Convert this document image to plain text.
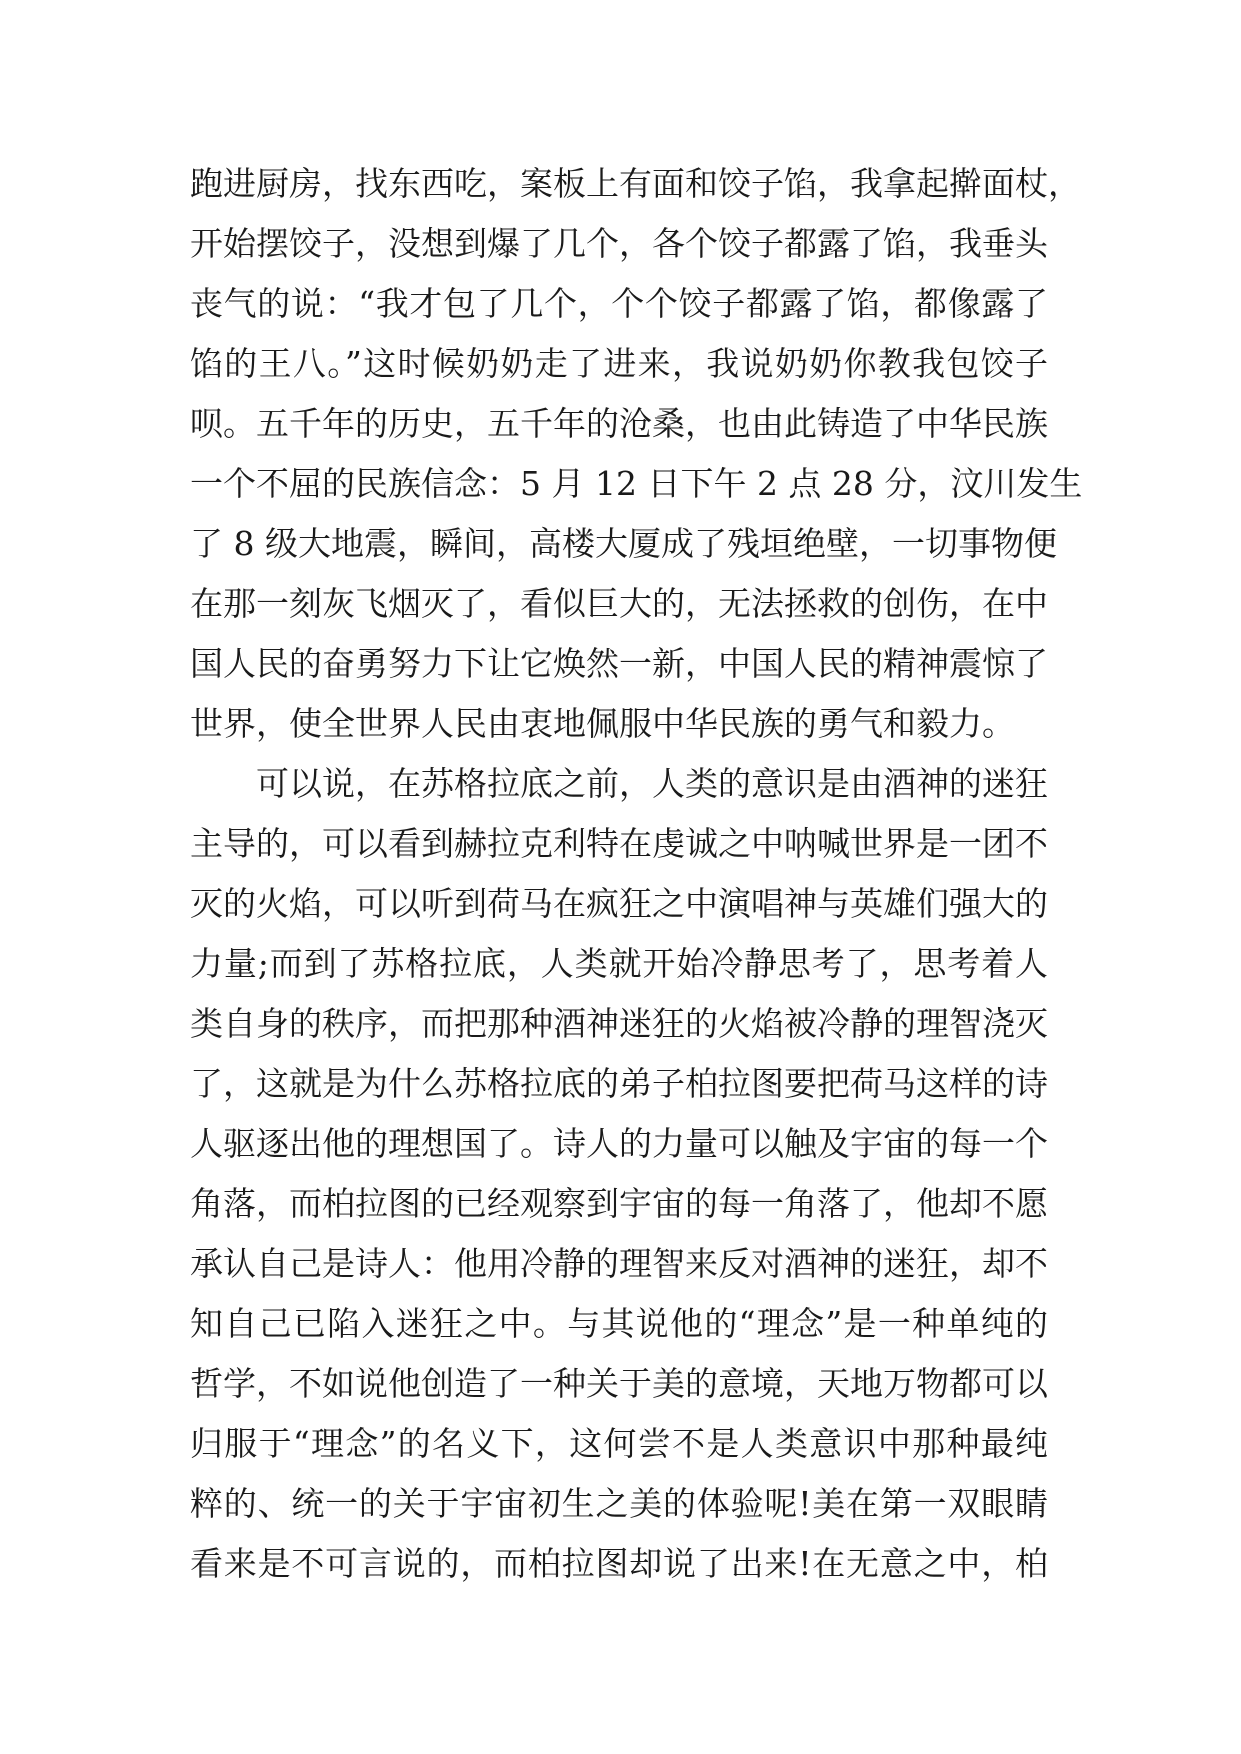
跑进厨房，找东西吃，案板上有面和饺子馅，我拿起擀面杖，
开始摆饺子，没想到爆了几个，各个饺子都露了馅，我垂头
丧气的说：“我才包了几个，个个饺子都露了馅，都像露了
馅的王八。”这时候奶奶走了进来，我说奶奶你教我包饺子
呗。五千年的历史，五千年的沧桑，也由此铸造了中华民族
一个不屈的民族信念：5 月 12 日下午 2 点 28 分，汶川发生
了 8 级大地震，瞬间，高楼大厦成了残垣绝壁，一切事物便
在那一刻灰飞烟灭了，看似巨大的，无法拯救的创伤，在中
国人民的奋勇努力下让它焕然一新，中国人民的精神震惊了
世界，使全世界人民由衷地佩服中华民族的勇气和毅力。
可以说，在苏格拉底之前，人类的意识是由酒神的迷狂
主导的，可以看到赫拉克利特在虔诚之中呐喊世界是一团不
灭的火焰，可以听到荷马在疯狂之中演唱神与英雄们强大的
力量;而到了苏格拉底，人类就开始冷静思考了，思考着人
类自身的秩序，而把那种酒神迷狂的火焰被冷静的理智浇灭
了，这就是为什么苏格拉底的弟子柏拉图要把荷马这样的诗
人驱逐出他的理想国了。诗人的力量可以触及宇宙的每一个
角落，而柏拉图的已经观察到宇宙的每一角落了，他却不愿
承认自己是诗人：他用冷静的理智来反对酒神的迷狂，却不
知自己已陷入迷狂之中。与其说他的“理念”是一种单纯的
哲学，不如说他创造了一种关于美的意境，天地万物都可以
归服于“理念”的名义下，这何尝不是人类意识中那种最纯
粹的、统一的关于宇宙初生之美的体验呢!美在第一双眼睛
看来是不可言说的，而柏拉图却说了出来!在无意之中，柏
